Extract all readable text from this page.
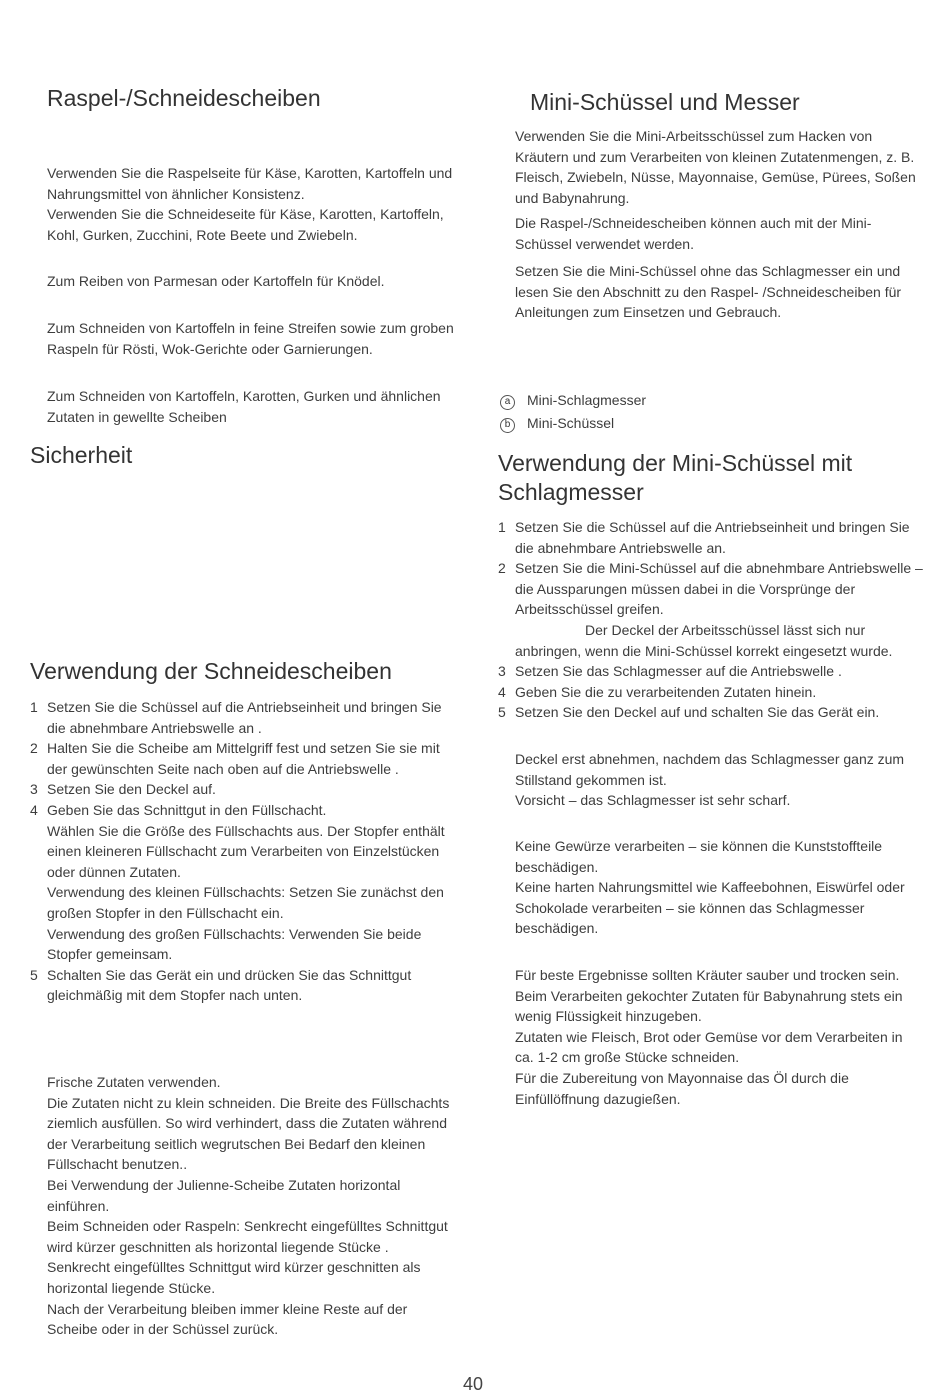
Raspel-/Schneidescheiben

Verwenden Sie die Raspelseite für Käse, Karotten, Kartoffeln und Nahrungsmittel von ähnlicher Konsistenz.

Verwenden Sie die Schneideseite für Käse, Karotten, Kartoffeln, Kohl, Gurken, Zucchini, Rote Beete und Zwiebeln.

Zum Reiben von Parmesan oder Kartoffeln für Knödel.

Zum Schneiden von Kartoffeln in feine Streifen sowie zum groben Raspeln für Rösti, Wok-Gerichte oder Garnierungen.

Zum Schneiden von Kartoffeln, Karotten, Gurken und ähnlichen Zutaten in gewellte Scheiben

Sicherheit
Verwendung der Schneidescheiben
1 Setzen Sie die Schüssel auf die Antriebseinheit und bringen Sie die abnehmbare Antriebswelle an .
2 Halten Sie die Scheibe am Mittelgriff fest und setzen Sie sie mit der gewünschten Seite nach oben auf die Antriebswelle .
3 Setzen Sie den Deckel auf.
4 Geben Sie das Schnittgut in den Füllschacht.
Wählen Sie die Größe des Füllschachts aus. Der Stopfer enthält einen kleineren Füllschacht zum Verarbeiten von Einzelstücken oder dünnen Zutaten.
Verwendung des kleinen Füllschachts: Setzen Sie zunächst den großen Stopfer in den Füllschacht ein.
Verwendung des großen Füllschachts: Verwenden Sie beide Stopfer gemeinsam.
5 Schalten Sie das Gerät ein und drücken Sie das Schnittgut gleichmäßig mit dem Stopfer nach unten.

Frische Zutaten verwenden.

Die Zutaten nicht zu klein schneiden. Die Breite des Füllschachts ziemlich ausfüllen. So wird verhindert, dass die Zutaten während der Verarbeitung seitlich wegrutschen Bei Bedarf den kleinen Füllschacht benutzen..

Bei Verwendung der Julienne-Scheibe Zutaten horizontal einführen.

Beim Schneiden oder Raspeln: Senkrecht eingefülltes Schnittgut wird kürzer geschnitten als horizontal liegende Stücke .

Senkrecht eingefülltes Schnittgut wird kürzer geschnitten als horizontal liegende Stücke.

Nach der Verarbeitung bleiben immer kleine Reste auf der Scheibe oder in der Schüssel zurück.

Mini-Schüssel und Messer

Verwenden Sie die Mini-Arbeitsschüssel zum Hacken von Kräutern und zum Verarbeiten von kleinen Zutatenmengen, z. B. Fleisch, Zwiebeln, Nüsse, Mayonnaise, Gemüse, Pürees, Soßen und Babynahrung.

Die Raspel-/Schneidescheiben können auch mit der Mini-Schüssel verwendet werden.

Setzen Sie die Mini-Schüssel ohne das Schlagmesser ein und lesen Sie den Abschnitt zu den Raspel- /Schneidescheiben für Anleitungen zum Einsetzen und Gebrauch.

a Mini-Schlagmesser
b Mini-Schüssel
Verwendung der Mini-Schüssel mit
Schlagmesser
1 Setzen Sie die Schüssel auf die Antriebseinheit und bringen Sie die abnehmbare Antriebswelle an.
2 Setzen Sie die Mini-Schüssel auf die abnehmbare Antriebswelle – die Aussparungen müssen dabei in die Vorsprünge der Arbeitsschüssel greifen.
Der Deckel der Arbeitsschüssel lässt sich nur anbringen, wenn die Mini-Schüssel korrekt eingesetzt wurde.
3 Setzen Sie das Schlagmesser auf die Antriebswelle .
4 Geben Sie die zu verarbeitenden Zutaten hinein.
5 Setzen Sie den Deckel auf und schalten Sie das Gerät ein.

Deckel erst abnehmen, nachdem das Schlagmesser ganz zum Stillstand gekommen ist.

Vorsicht – das Schlagmesser ist sehr scharf.

Keine Gewürze verarbeiten – sie können die Kunststoffteile beschädigen.

Keine harten Nahrungsmittel wie Kaffeebohnen, Eiswürfel oder Schokolade verarbeiten – sie können das Schlagmesser beschädigen.

Für beste Ergebnisse sollten Kräuter sauber und trocken sein.

Beim Verarbeiten gekochter Zutaten für Babynahrung stets ein wenig Flüssigkeit hinzugeben.

Zutaten wie Fleisch, Brot oder Gemüse vor dem Verarbeiten in ca. 1-2 cm große Stücke schneiden.

Für die Zubereitung von Mayonnaise das Öl durch die Einfüllöffnung dazugießen.

40
